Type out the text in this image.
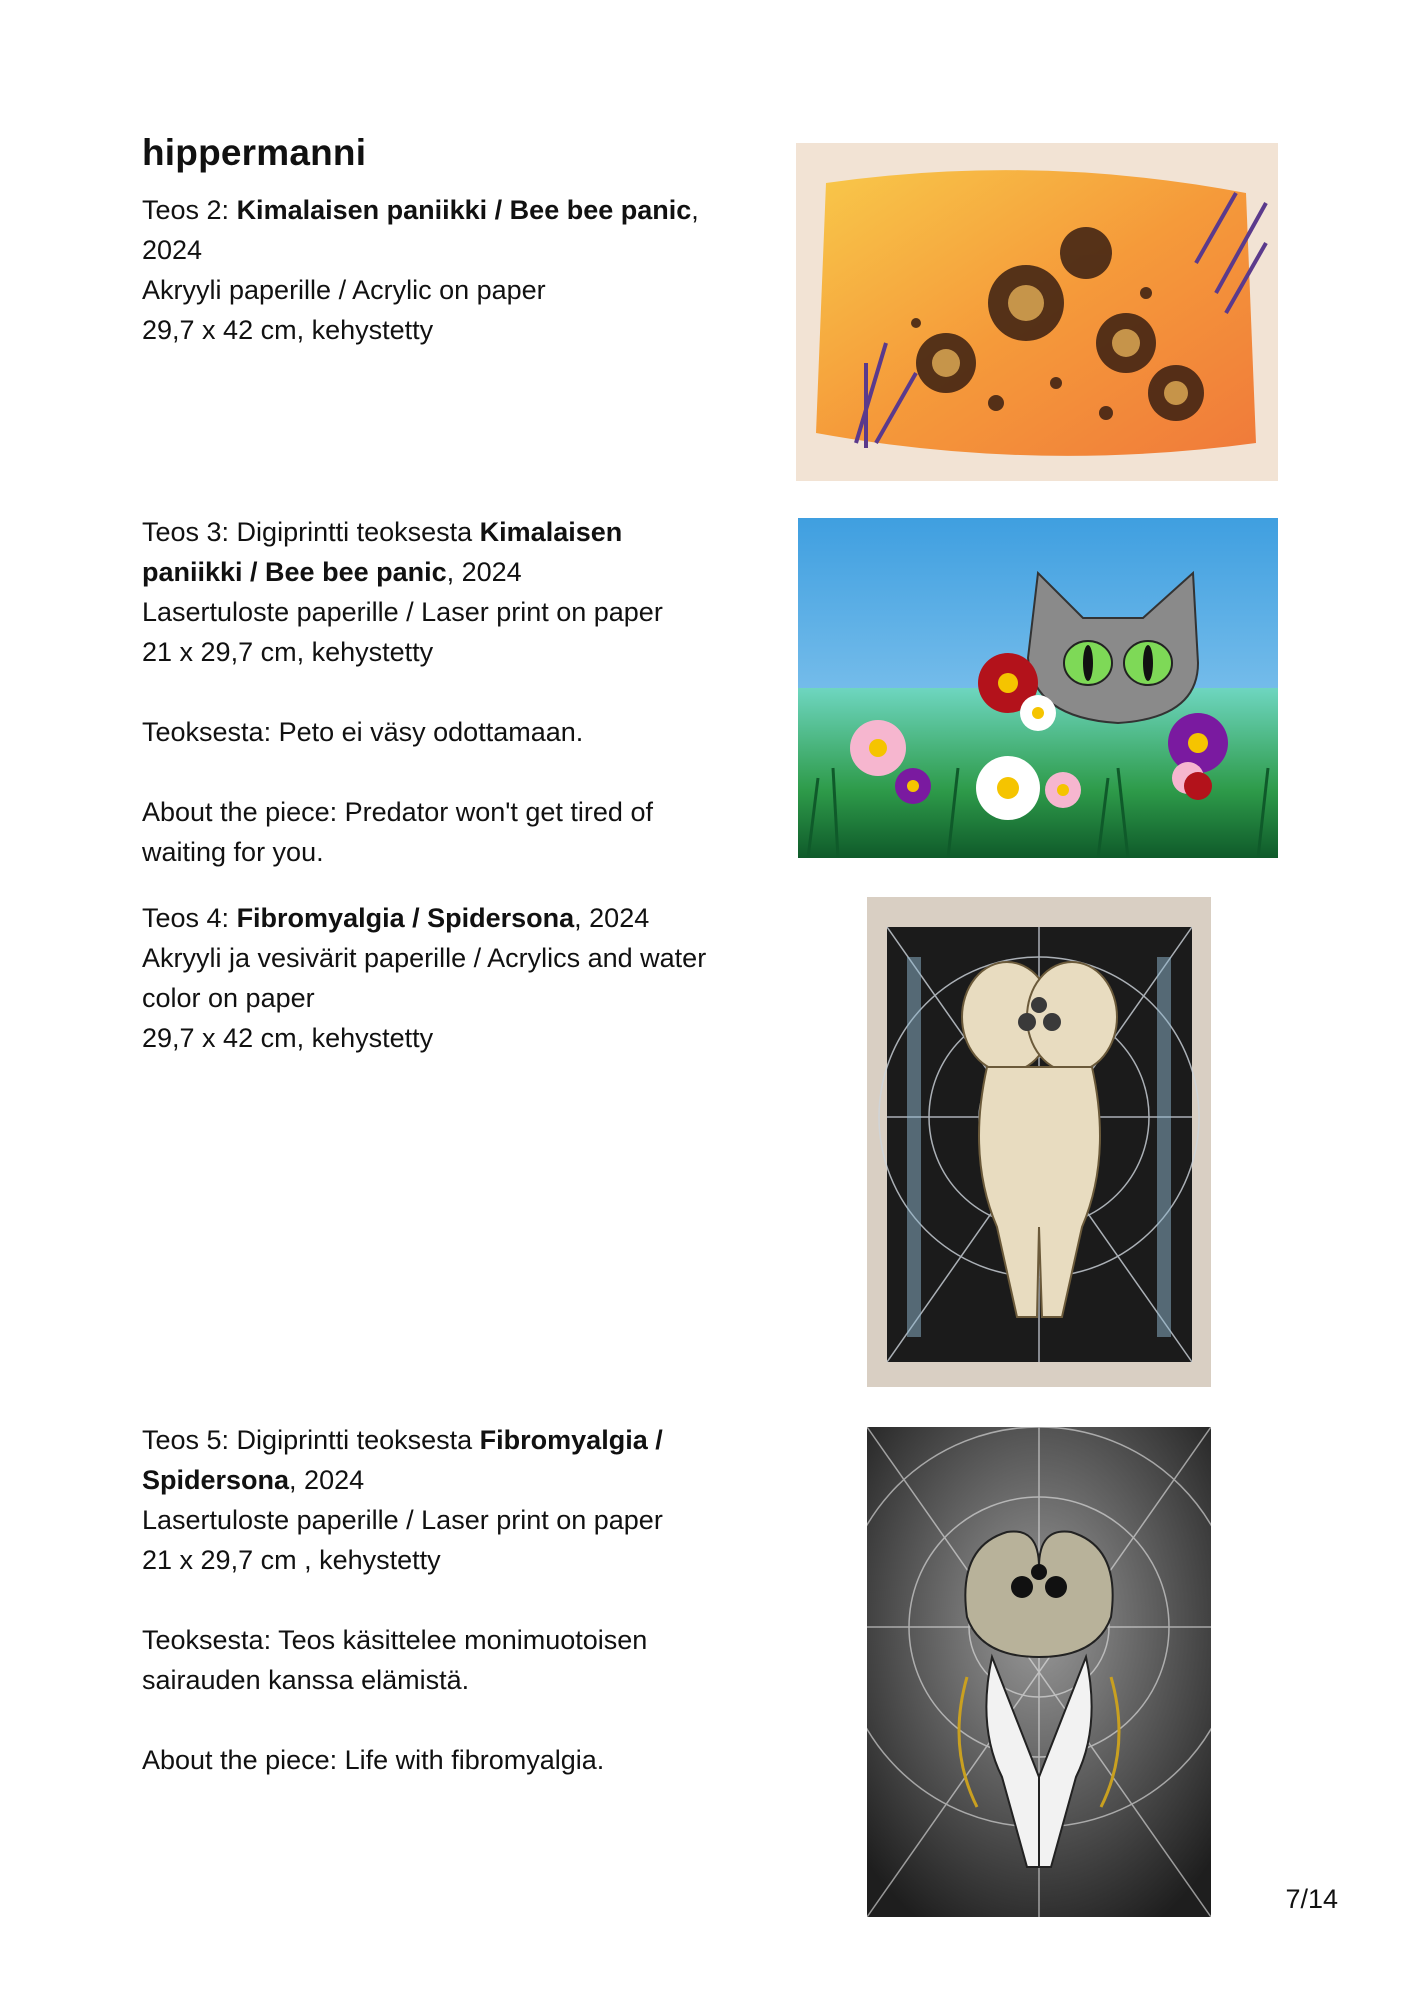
hippermanni

Teos 2: Kimalaisen paniikki / Bee bee panic,

2024

Akryyli paperille / Acrylic on paper

29,7 x 42 cm, kehystetty

Teos 3: Digiprintti teoksesta Kimalaisen

paniikki / Bee bee panic, 2024

Lasertuloste paperille / Laser print on paper

21 x 29,7 cm, kehystetty

Teoksesta: Peto ei väsy odottamaan.

About the piece: Predator won't get tired of

waiting for you.

Teos 4: Fibromyalgia / Spidersona, 2024

Akryyli ja vesivärit paperille / Acrylics and water

color on paper

29,7 x 42 cm, kehystetty

Teos 5: Digiprintti teoksesta Fibromyalgia /

Spidersona, 2024

Lasertuloste paperille / Laser print on paper

21 x 29,7 cm , kehystetty

Teoksesta: Teos käsittelee monimuotoisen

sairauden kanssa elämistä.

About the piece: Life with fibromyalgia.

7/14
